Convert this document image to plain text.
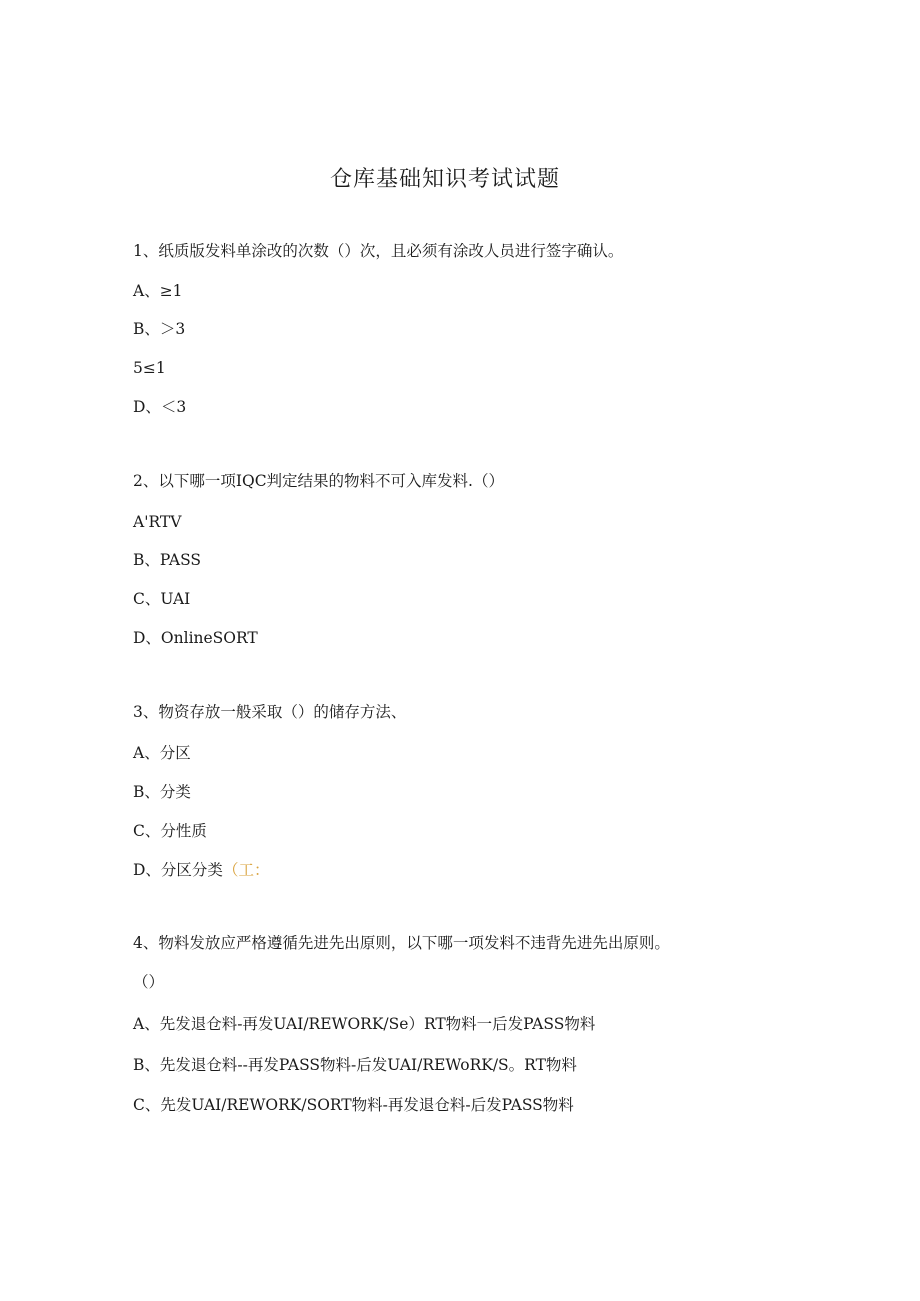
仓库基础知识考试试题
1、纸质版发料单涂改的次数（）次，且必须有涂改人员进行签字确认。
A、≥1
B、＞3
5≤1
D、＜3
2、以下哪一项IQC判定结果的物料不可入库发料.（）
A'RTV
B、PASS
C、UAI
D、OnlineSORT
3、物资存放一般采取（）的储存方法、
A、分区
B、分类
C、分性质
D、分区分类（工：
4、物料发放应严格遵循先进先出原则，以下哪一项发料不违背先进先出原则。
（）
A、先发退仓料-再发UAI/REWORK/Se）RT物料一后发PASS物料
B、先发退仓料--再发PASS物料-后发UAI/REWoRK/S。RT物料
C、先发UAI/REWORK/SORT物料-再发退仓料-后发PASS物料
